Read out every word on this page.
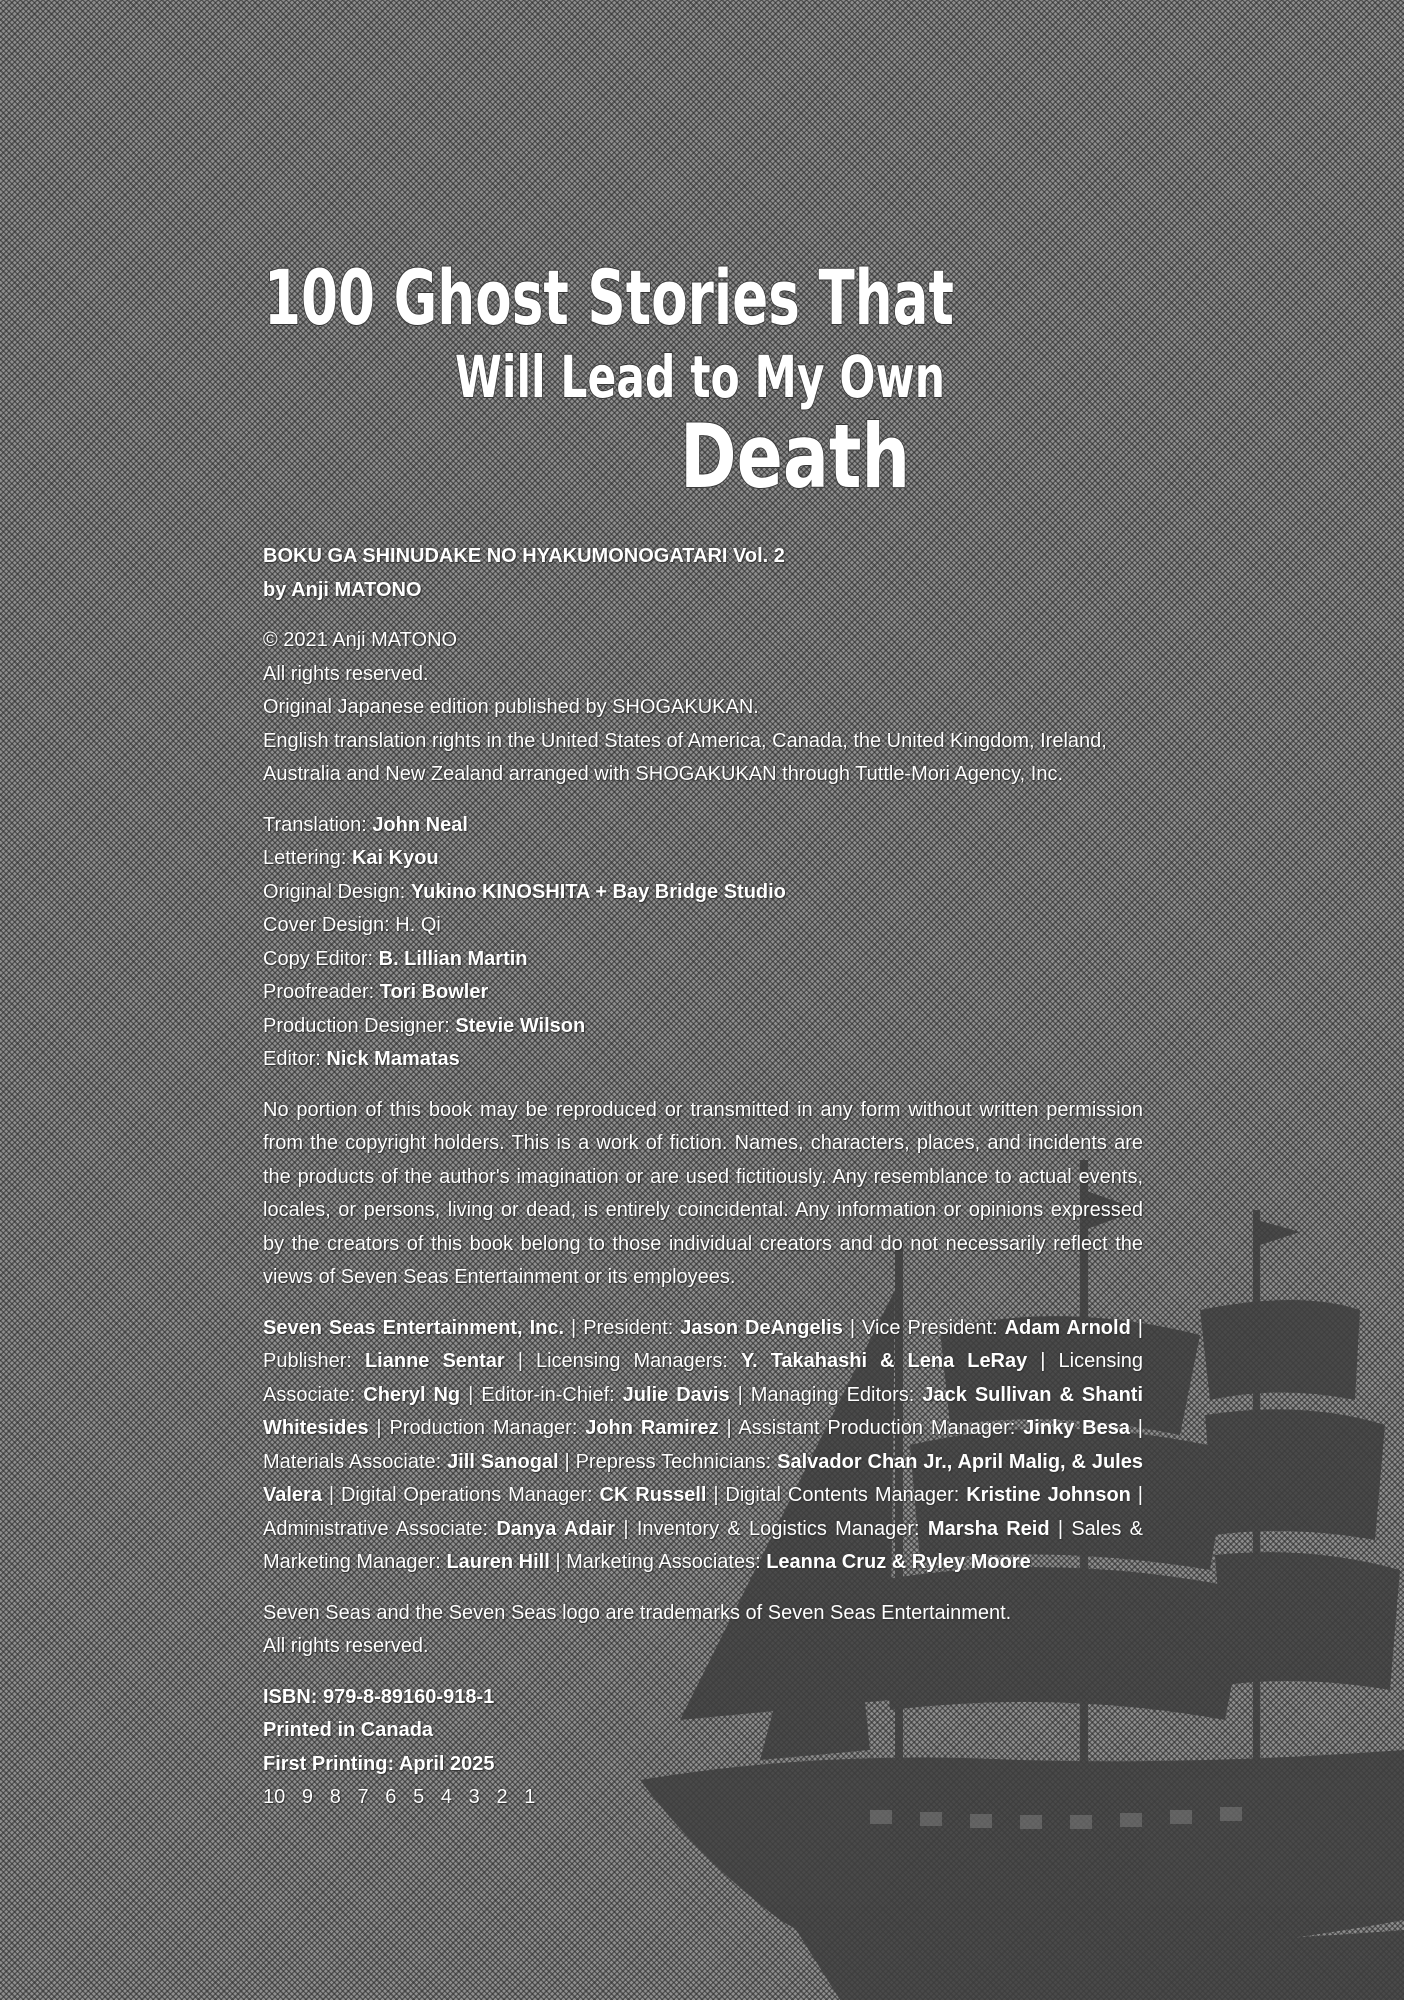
100 Ghost Stories That
Will Lead to My Own
Death
BOKU GA SHINUDAKE NO HYAKUMONOGATARI Vol. 2
by Anji MATONO
© 2021 Anji MATONO
All rights reserved.
Original Japanese edition published by SHOGAKUKAN.
English translation rights in the United States of America, Canada, the United Kingdom, Ireland,
Australia and New Zealand arranged with SHOGAKUKAN through Tuttle-Mori Agency, Inc.
Translation: John Neal
Lettering: Kai Kyou
Original Design: Yukino KINOSHITA + Bay Bridge Studio
Cover Design: H. Qi
Copy Editor: B. Lillian Martin
Proofreader: Tori Bowler
Production Designer: Stevie Wilson
Editor: Nick Mamatas
No portion of this book may be reproduced or transmitted in any form without written permission from the copyright holders. This is a work of fiction. Names, characters, places, and incidents are the products of the author's imagination or are used fictitiously. Any resemblance to actual events, locales, or persons, living or dead, is entirely coincidental. Any information or opinions expressed by the creators of this book belong to those individual creators and do not necessarily reflect the views of Seven Seas Entertainment or its employees.
Seven Seas Entertainment, Inc. | President: Jason DeAngelis | Vice President: Adam Arnold | Publisher: Lianne Sentar | Licensing Managers: Y. Takahashi & Lena LeRay | Licensing Associate: Cheryl Ng | Editor-in-Chief: Julie Davis | Managing Editors: Jack Sullivan & Shanti Whitesides | Production Manager: John Ramirez | Assistant Production Manager: Jinky Besa | Materials Associate: Jill Sanogal | Prepress Technicians: Salvador Chan Jr., April Malig, & Jules Valera | Digital Operations Manager: CK Russell | Digital Contents Manager: Kristine Johnson | Administrative Associate: Danya Adair | Inventory & Logistics Manager: Marsha Reid | Sales & Marketing Manager: Lauren Hill | Marketing Associates: Leanna Cruz & Ryley Moore
Seven Seas and the Seven Seas logo are trademarks of Seven Seas Entertainment.
All rights reserved.
ISBN: 979-8-89160-918-1
Printed in Canada
First Printing: April 2025
10   9   8   7   6   5   4   3   2   1
